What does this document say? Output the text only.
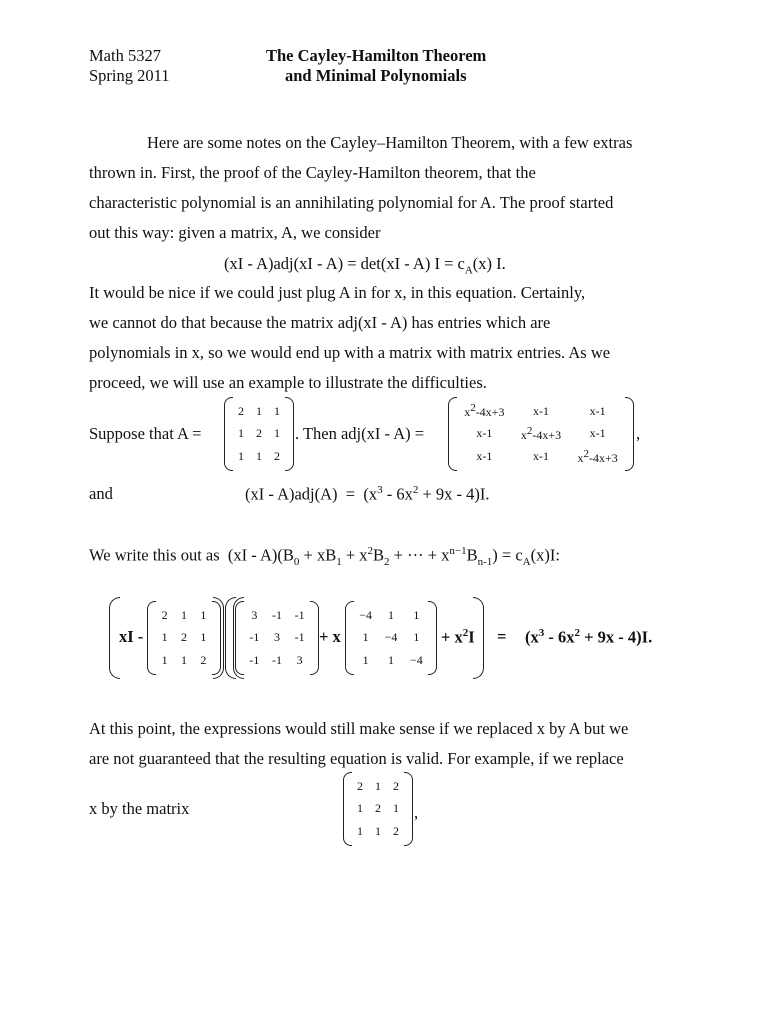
Math 5327
Spring 2011
The Cayley-Hamilton Theorem
and Minimal Polynomials

Here are some notes on the Cayley–Hamilton Theorem, with a few extras

thrown in. First, the proof of the Cayley-Hamilton theorem, that the

characteristic polynomial is an annihilating polynomial for A. The proof started

out this way: given a matrix, A, we consider

(xI - A)adj(xI - A) = det(xI - A) $I = c_A(x)$ I.

It would be nice if we could just plug A in for x, in this equation. Certainly,

we cannot do that because the matrix adj(xI - A) has entries which are

polynomials in x, so we would end up with a matrix with matrix entries. As we

proceed, we will use an example to illustrate the difficulties.

Suppose that A =
2	1	1
1	2	1
1	1	2
. Then adj(xI - A) =
$x^2-4x+3$	x-1	x-1
x-1	$x^2-4x+3$	x-1
x-1	x-1	$x^2-4x+3$
,
and	$(xI - A)adj(A) = (x^3 - 6x^2 + 9x - 4)I$.
We write this out as  $(xI - A)(B_0 + xB_1 + x^2B_2$ + ··· + $x^{n-1}B_{n-1}) = c_A(x)I$:
xI -
2	1	1
1	2	1
1	1	2
3	-1	-1
-1	3	-1
-1	-1	3
+ x
−4	1	1
1	−4	1
1	1	−4
+ $x^2I = (x^3 - 6x^2 + 9x - 4)I$.

At this point, the expressions would still make sense if we replaced x by A but we

are not guaranteed that the resulting equation is valid. For example, if we replace

x by the matrix
2	1	2
1	2	1
1	1	2
,
